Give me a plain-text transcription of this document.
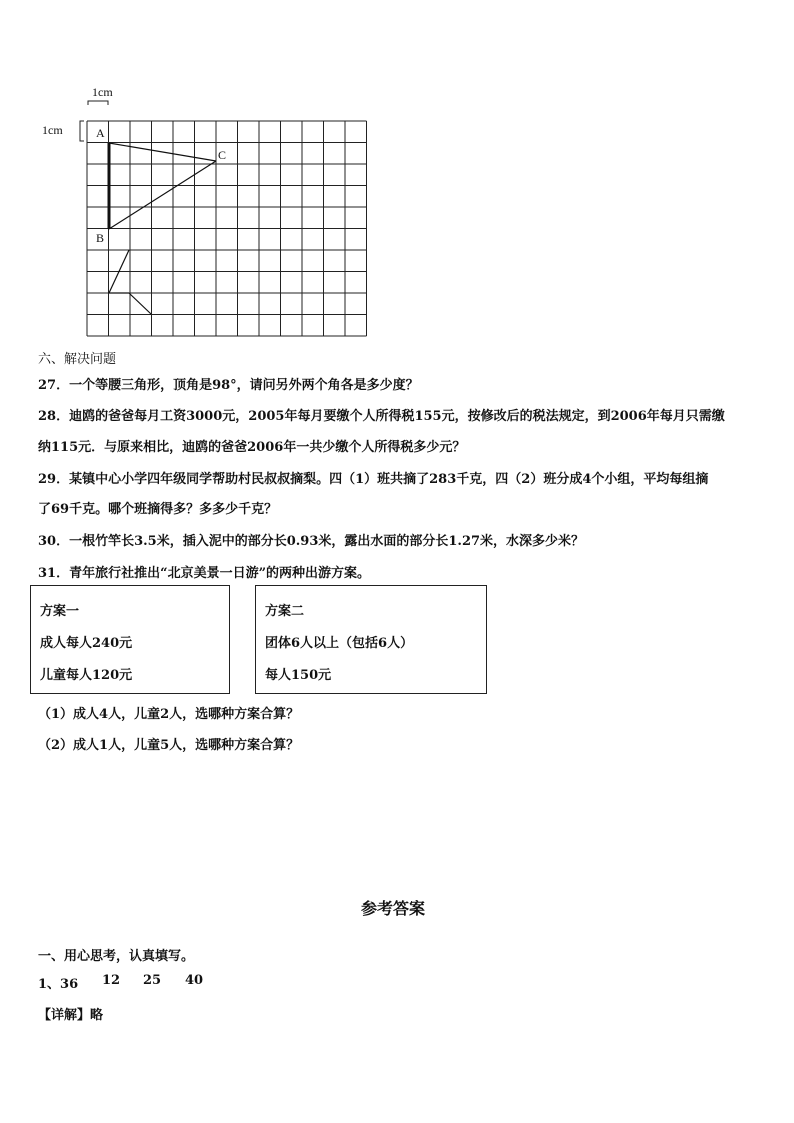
1cm
1cm	A
B
C
六、解决问题
27．一个等腰三角形，顶角是98°，请问另外两个角各是多少度？
28．迪鸥的爸爸每月工资3000元，2005年每月要缴个人所得税155元，按修改后的税法规定，到2006年每月只需缴
纳115元．与原来相比，迪鸥的爸爸2006年一共少缴个人所得税多少元？
29．某镇中心小学四年级同学帮助村民叔叔摘梨。四（1）班共摘了283千克，四（2）班分成4个小组，平均每组摘
了69千克。哪个班摘得多？多多少千克？
30．一根竹竿长3.5米，插入泥中的部分长0.93米，露出水面的部分长1.27米，水深多少米？
31．青年旅行社推出“北京美景一日游”的两种出游方案。
方案一
成人每人240元
儿童每人120元
方案二
团体6人以上（包括6人）
每人150元
（1）成人4人，儿童2人，选哪种方案合算？
（2）成人1人，儿童5人，选哪种方案合算？
参考答案
一、用心思考，认真填写。
1、36 12 25 40
【详解】略
